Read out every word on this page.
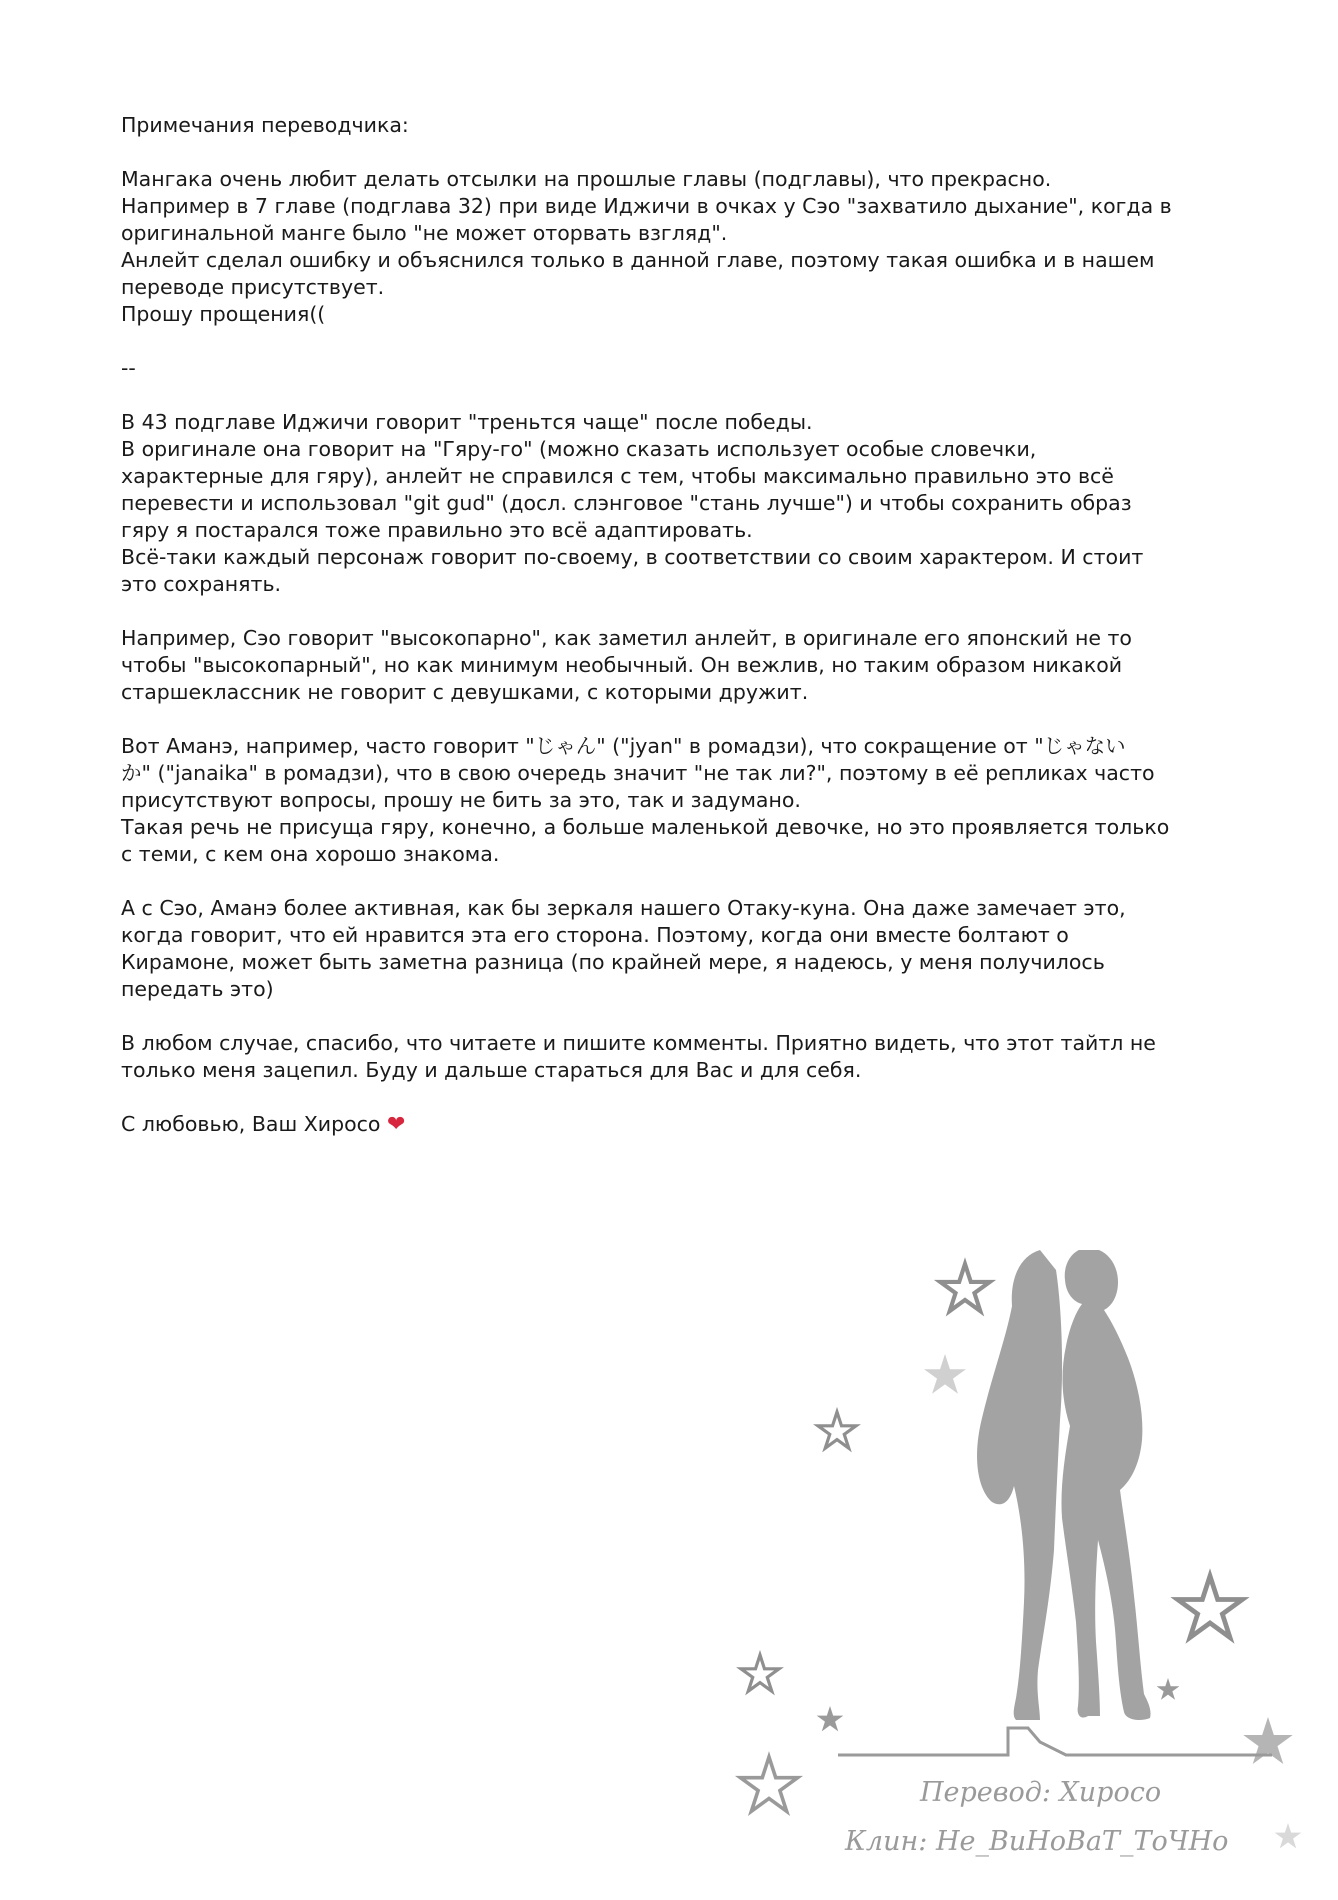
Примечания переводчика:
Мангака очень любит делать отсылки на прошлые главы (подглавы), что прекрасно.
Например в 7 главе (подглава 32) при виде Иджичи в очках у Сэо "захватило дыхание", когда в
оригинальной манге было "не может оторвать взгляд".
Анлейт сделал ошибку и объяснился только в данной главе, поэтому такая ошибка и в нашем
переводе присутствует.
Прошу прощения((
--
В 43 подглаве Иджичи говорит "треньтся чаще" после победы.
В оригинале она говорит на "Гяру-го" (можно сказать использует особые словечки,
характерные для гяру), анлейт не справился с тем, чтобы максимально правильно это всё
перевести и использовал "git gud" (досл. слэнговое "стань лучше") и чтобы сохранить образ
гяру я постарался тоже правильно это всё адаптировать.
Всё-таки каждый персонаж говорит по-своему, в соответствии со своим характером. И стоит
это сохранять.
Например, Сэо говорит "высокопарно", как заметил анлейт, в оригинале его японский не то
чтобы "высокопарный", но как минимум необычный. Он вежлив, но таким образом никакой
старшеклассник не говорит с девушками, с которыми дружит.
Вот Аманэ, например, часто говорит "じゃん" ("jyan" в ромадзи), что сокращение от "じゃない
か" ("janaika" в ромадзи), что в свою очередь значит "не так ли?", поэтому в её репликах часто
присутствуют вопросы, прошу не бить за это, так и задумано.
Такая речь не присуща гяру, конечно, а больше маленькой девочке, но это проявляется только
с теми, с кем она хорошо знакома.
А с Сэо, Аманэ более активная, как бы зеркаля нашего Отаку-куна. Она даже замечает это,
когда говорит, что ей нравится эта его сторона. Поэтому, когда они вместе болтают о
Кирамоне, может быть заметна разница (по крайней мере, я надеюсь, у меня получилось
передать это)
В любом случае, спасибо, что читаете и пишите комменты. Приятно видеть, что этот тайтл не
только меня зацепил. Буду и дальше стараться для Вас и для себя.
С любовью, Ваш Хиросо ❤
Перевод: Хиросо
Клин: Не_ВиНоВаТ_ТоЧНо
